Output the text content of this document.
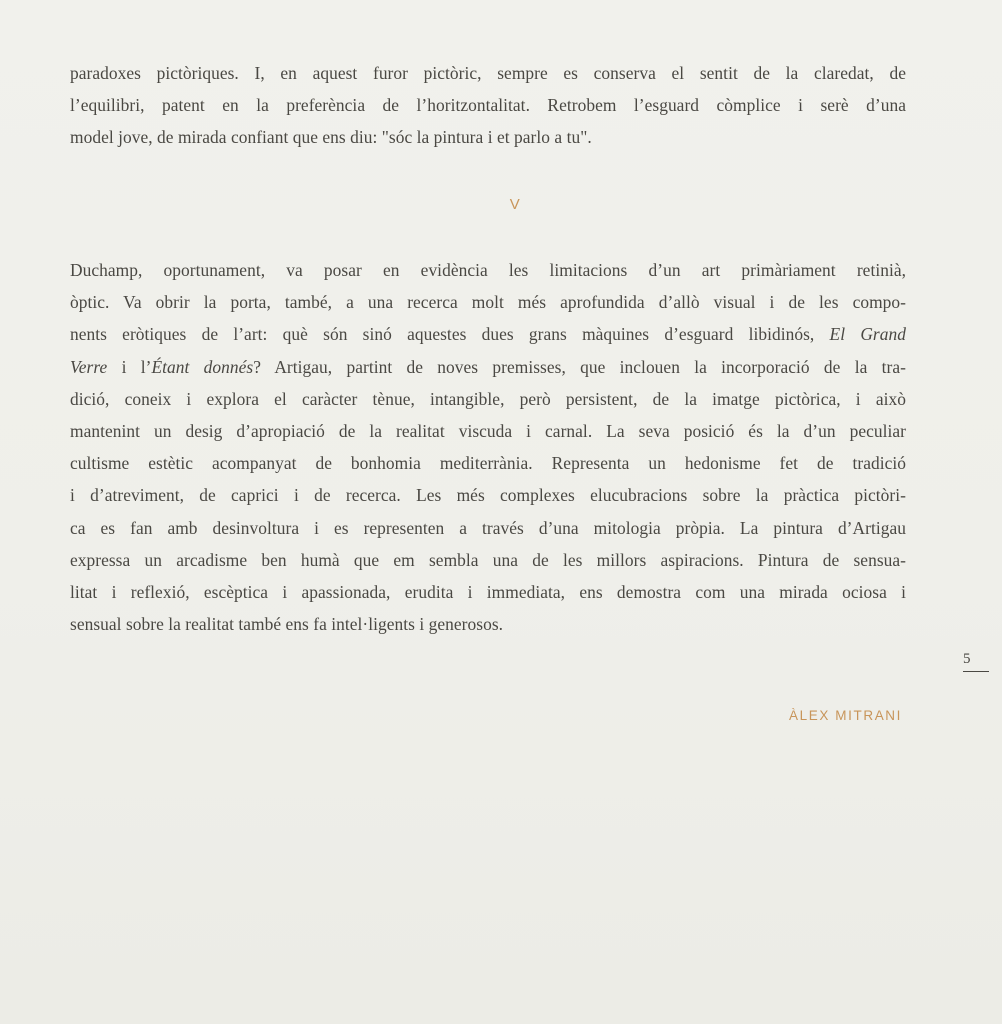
paradoxes pictòriques. I, en aquest furor pictòric, sempre es conserva el sentit de la claredat, de
l’equilibri, patent en la preferència de l’horitzontalitat. Retrobem l’esguard còmplice i serè d’una
model jove, de mirada confiant que ens diu: "sóc la pintura i et parlo a tu".
V
Duchamp, oportunament, va posar en evidència les limitacions d’un art primàriament retinià,
òptic. Va obrir la porta, també, a una recerca molt més aprofundida d’allò visual i de les compo-
nents eròtiques de l’art: què són sinó aquestes dues grans màquines d’esguard libidinós, El Grand
Verre i l’Étant donnés? Artigau, partint de noves premisses, que inclouen la incorporació de la tra-
dició, coneix i explora el caràcter tènue, intangible, però persistent, de la imatge pictòrica, i això
mantenint un desig d’apropiació de la realitat viscuda i carnal. La seva posició és la d’un peculiar
cultisme estètic acompanyat de bonhomia mediterrània. Representa un hedonisme fet de tradició
i d’atreviment, de caprici i de recerca. Les més complexes elucubracions sobre la pràctica pictòri-
ca es fan amb desinvoltura i es representen a través d’una mitologia pròpia. La pintura d’Artigau
expressa un arcadisme ben humà que em sembla una de les millors aspiracions. Pintura de sensua-
litat i reflexió, escèptica i apassionada, erudita i immediata, ens demostra com una mirada ociosa i
sensual sobre la realitat també ens fa intel·ligents i generosos.
5
ÀLEX MITRANI
